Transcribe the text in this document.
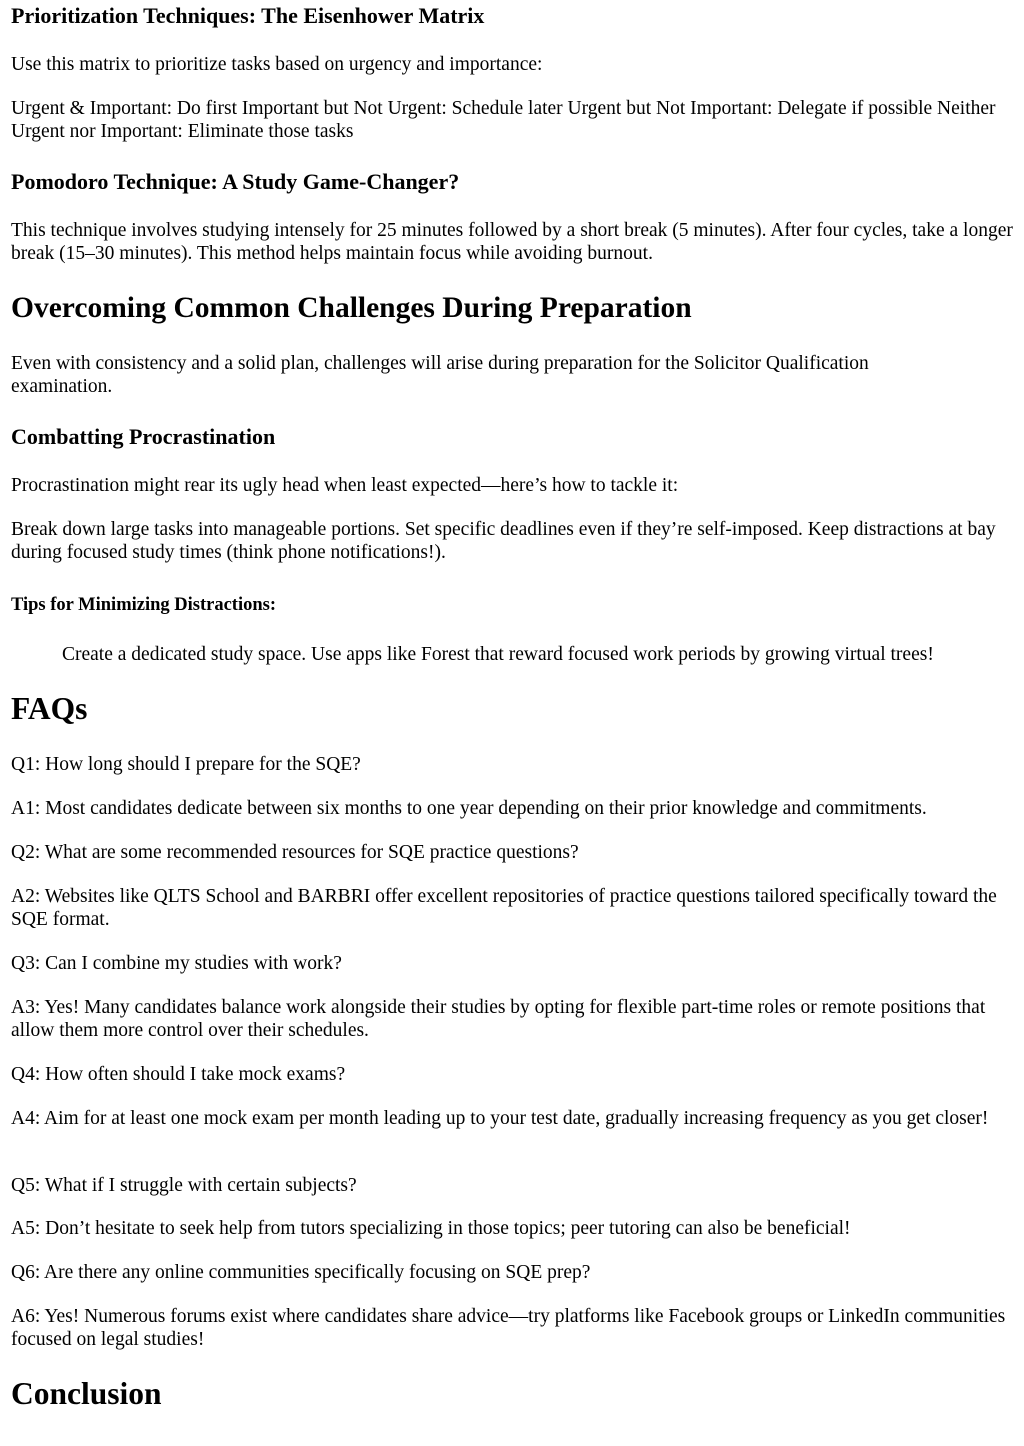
Prioritization Techniques: The Eisenhower Matrix

Use this matrix to prioritize tasks based on urgency and importance:

Urgent & Important: Do first Important but Not Urgent: Schedule later Urgent but Not Important: Delegate if possible Neither Urgent nor Important: Eliminate those tasks

Pomodoro Technique: A Study Game-Changer?

This technique involves studying intensely for 25 minutes followed by a short break (5 minutes). After four cycles, take a longer break (15–30 minutes). This method helps maintain focus while avoiding burnout.

Overcoming Common Challenges During Preparation

Even with consistency and a solid plan, challenges will arise during preparation for the Solicitor Qualification examination.

Combatting Procrastination

Procrastination might rear its ugly head when least expected—here’s how to tackle it:

Break down large tasks into manageable portions. Set specific deadlines even if they’re self-imposed. Keep distractions at bay during focused study times (think phone notifications!).

Tips for Minimizing Distractions:

Create a dedicated study space. Use apps like Forest that reward focused work periods by growing virtual trees!

FAQs

Q1: How long should I prepare for the SQE?

A1: Most candidates dedicate between six months to one year depending on their prior knowledge and commitments.

Q2: What are some recommended resources for SQE practice questions?

A2: Websites like QLTS School and BARBRI offer excellent repositories of practice questions tailored specifically toward the SQE format.

Q3: Can I combine my studies with work?

A3: Yes! Many candidates balance work alongside their studies by opting for flexible part-time roles or remote positions that allow them more control over their schedules.

Q4: How often should I take mock exams?

A4: Aim for at least one mock exam per month leading up to your test date, gradually increasing frequency as you get closer!

Q5: What if I struggle with certain subjects?

A5: Don’t hesitate to seek help from tutors specializing in those topics; peer tutoring can also be beneficial!

Q6: Are there any online communities specifically focusing on SQE prep?

A6: Yes! Numerous forums exist where candidates share advice—try platforms like Facebook groups or LinkedIn communities focused on legal studies!

Conclusion
